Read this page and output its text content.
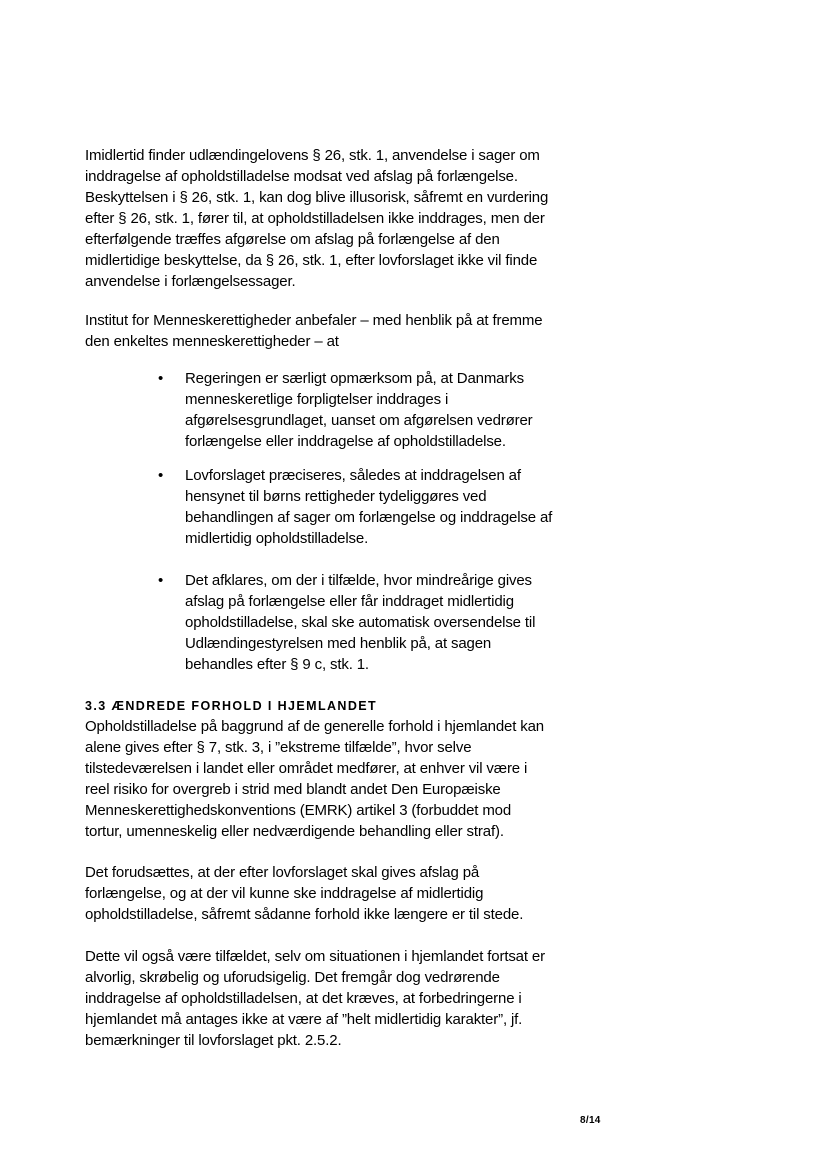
Imidlertid finder udlændingelovens § 26, stk. 1, anvendelse i sager om
inddragelse af opholdstilladelse modsat ved afslag på forlængelse.
Beskyttelsen i § 26, stk. 1, kan dog blive illusorisk, såfremt en vurdering
efter § 26, stk. 1, fører til, at opholdstilladelsen ikke inddrages, men der
efterfølgende træffes afgørelse om afslag på forlængelse af den
midlertidige beskyttelse, da § 26, stk. 1, efter lovforslaget ikke vil finde
anvendelse i forlængelsessager.

Institut for Menneskerettigheder anbefaler – med henblik på at fremme
den enkeltes menneskerettigheder – at

• Regeringen er særligt opmærksom på, at Danmarks
menneskeretlige forpligtelser inddrages i
afgørelsesgrundlaget, uanset om afgørelsen vedrører
forlængelse eller inddragelse af opholdstilladelse.
• Lovforslaget præciseres, således at inddragelsen af
hensynet til børns rettigheder tydeliggøres ved
behandlingen af sager om forlængelse og inddragelse af
midlertidig opholdstilladelse.
• Det afklares, om der i tilfælde, hvor mindreårige gives
afslag på forlængelse eller får inddraget midlertidig
opholdstilladelse, skal ske automatisk oversendelse til
Udlændingestyrelsen med henblik på, at sagen
behandles efter § 9 c, stk. 1.
3.3 ÆNDREDE FORHOLD I HJEMLANDET

Opholdstilladelse på baggrund af de generelle forhold i hjemlandet kan
alene gives efter § 7, stk. 3, i ”ekstreme tilfælde”, hvor selve
tilstedeværelsen i landet eller området medfører, at enhver vil være i
reel risiko for overgreb i strid med blandt andet Den Europæiske
Menneskerettighedskonventions (EMRK) artikel 3 (forbuddet mod
tortur, umenneskelig eller nedværdigende behandling eller straf).

Det forudsættes, at der efter lovforslaget skal gives afslag på
forlængelse, og at der vil kunne ske inddragelse af midlertidig
opholdstilladelse, såfremt sådanne forhold ikke længere er til stede.

Dette vil også være tilfældet, selv om situationen i hjemlandet fortsat er
alvorlig, skrøbelig og uforudsigelig. Det fremgår dog vedrørende
inddragelse af opholdstilladelsen, at det kræves, at forbedringerne i
hjemlandet må antages ikke at være af ”helt midlertidig karakter”, jf.
bemærkninger til lovforslaget pkt. 2.5.2.

8/14
